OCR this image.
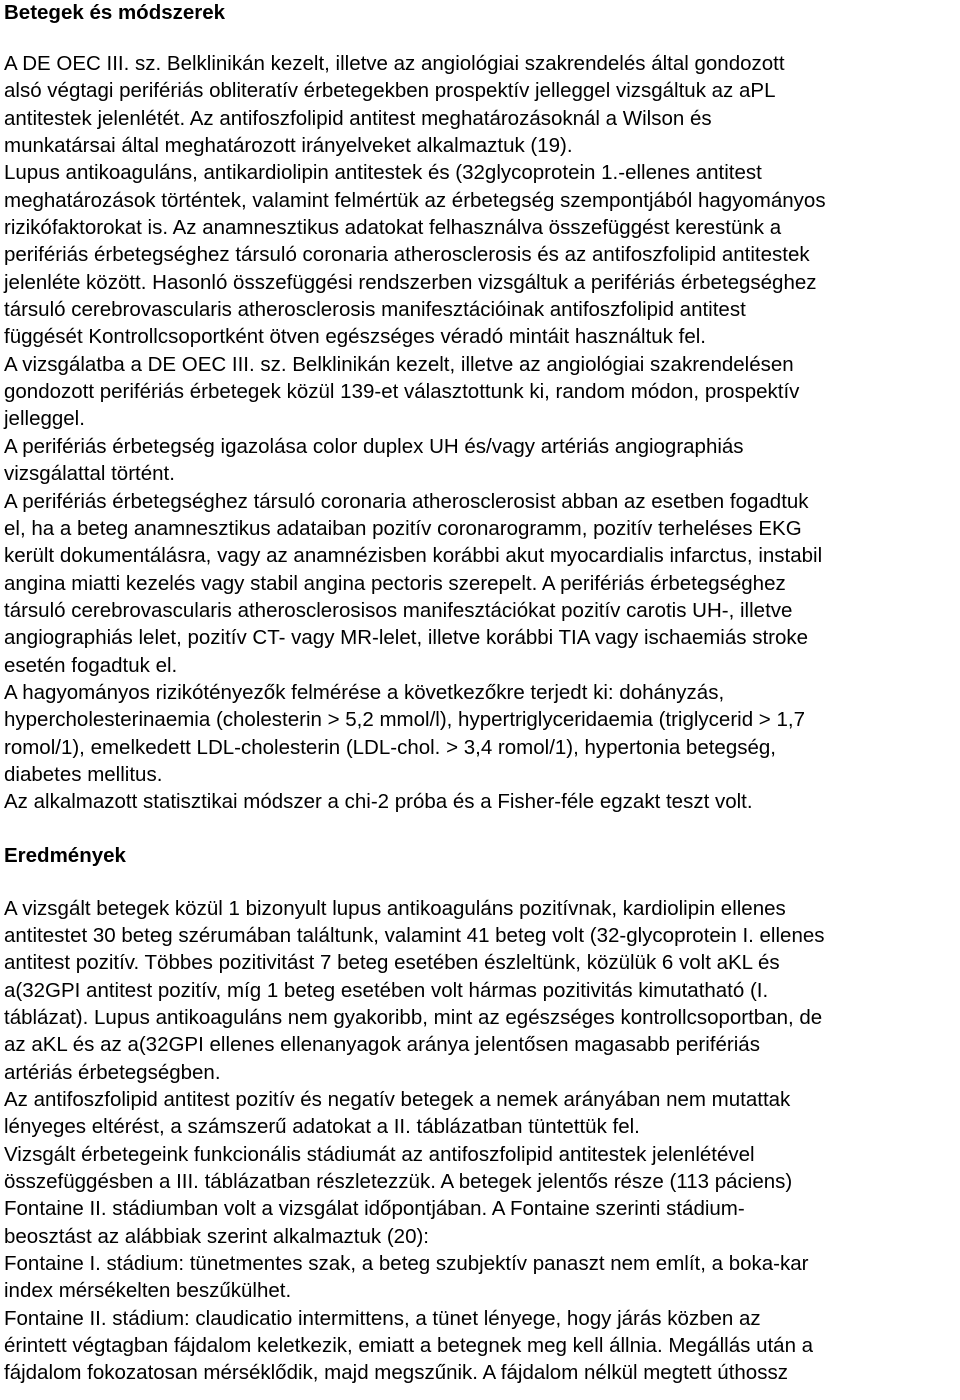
Betegek és módszerek

A DE OEC III. sz. Belklinikán kezelt, illetve az angiológiai szakrendelés által gondozott
alsó végtagi perifériás obliteratív érbetegekben prospektív jelleggel vizsgáltuk az aPL
antitestek jelenlétét. Az antifoszfolipid antitest meghatározásoknál a Wilson és
munkatársai által meghatározott irányelveket alkalmaztuk (19).
Lupus antikoaguláns, antikardiolipin antitestek és (32glycoprotein 1.-ellenes antitest
meghatározások történtek, valamint felmértük az érbetegség szempontjából hagyományos
rizikófaktorokat is. Az anamnesztikus adatokat felhasználva összefüggést kerestünk a
perifériás érbetegséghez társuló coronaria atherosclerosis és az antifoszfolipid antitestek
jelenléte között. Hasonló összefüggési rendszerben vizsgáltuk a perifériás érbetegséghez
társuló cerebrovascularis atherosclerosis manifesztációinak antifoszfolipid antitest
függését Kontrollcsoportként ötven egészséges véradó mintáit használtuk fel.

A vizsgálatba a DE OEC III. sz. Belklinikán kezelt, illetve az angiológiai szakrendelésen
gondozott perifériás érbetegek közül 139-et választottunk ki, random módon, prospektív
jelleggel.

A perifériás érbetegség igazolása color duplex UH és/vagy artériás angiographiás
vizsgálattal történt.

A perifériás érbetegséghez társuló coronaria atherosclerosist abban az esetben fogadtuk
el, ha a beteg anamnesztikus adataiban pozitív coronarogramm, pozitív terheléses EKG
került dokumentálásra, vagy az anamnézisben korábbi akut myocardialis infarctus, instabil
angina miatti kezelés vagy stabil angina pectoris szerepelt. A perifériás érbetegséghez
társuló cerebrovascularis atherosclerosisos manifesztációkat pozitív carotis UH-, illetve
angiographiás lelet, pozitív CT- vagy MR-lelet, illetve korábbi TIA vagy ischaemiás stroke
esetén fogadtuk el.

A hagyományos rizikótényezők felmérése a következőkre terjedt ki: dohányzás,
hypercholesterinaemia (cholesterin > 5,2 mmol/l), hypertriglyceridaemia (triglycerid > 1,7
romol/1), emelkedett LDL-cholesterin (LDL-chol. > 3,4 romol/1), hypertonia betegség,
diabetes mellitus.

Az alkalmazott statisztikai módszer a chi-2 próba és a Fisher-féle egzakt teszt volt.

Eredmények

A vizsgált betegek közül 1 bizonyult lupus antikoaguláns pozitívnak, kardiolipin ellenes
antitestet 30 beteg szérumában találtunk, valamint 41 beteg volt (32-glycoprotein I. ellenes
antitest pozitív. Többes pozitivitást 7 beteg esetében észleltünk, közülük 6 volt aKL és
a(32GPI antitest pozitív, míg 1 beteg esetében volt hármas pozitivitás kimutatható (I.
táblázat). Lupus antikoaguláns nem gyakoribb, mint az egészséges kontrollcsoportban, de
az aKL és az a(32GPI ellenes ellenanyagok aránya jelentősen magasabb perifériás
artériás érbetegségben.

Az antifoszfolipid antitest pozitív és negatív betegek a nemek arányában nem mutattak
lényeges eltérést, a számszerű adatokat a II. táblázatban tüntettük fel.

Vizsgált érbetegeink funkcionális stádiumát az antifoszfolipid antitestek jelenlétével
összefüggésben a III. táblázatban részletezzük. A betegek jelentős része (113 páciens)
Fontaine II. stádiumban volt a vizsgálat időpontjában. A Fontaine szerinti stádium-
beosztást az alábbiak szerint alkalmaztuk (20):

Fontaine I. stádium: tünetmentes szak, a beteg szubjektív panaszt nem említ, a boka-kar
index mérsékelten beszűkülhet.

Fontaine II. stádium: claudicatio intermittens, a tünet lényege, hogy járás közben az
érintett végtagban fájdalom keletkezik, emiatt a betegnek meg kell állnia. Megállás után a
fájdalom fokozatosan mérséklődik, majd megszűnik. A fájdalom nélkül megtett úthossz
